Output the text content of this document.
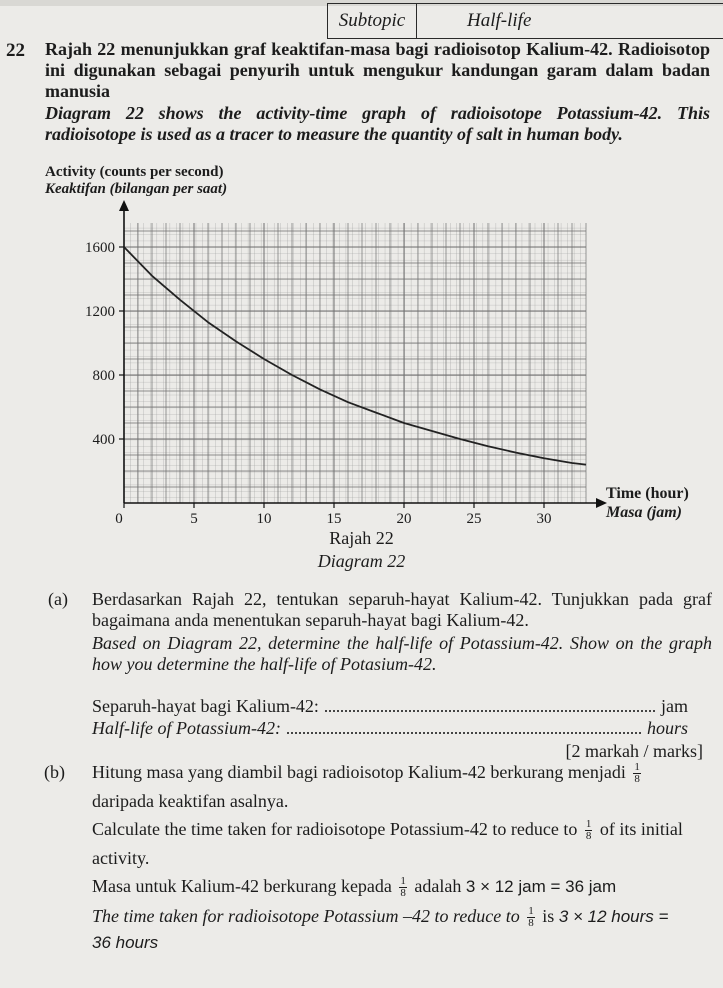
Subtopic	Half-life
22 Rajah 22 menunjukkan graf keaktifan-masa bagi radioisotop Kalium-42. Radioisotop ini digunakan sebagai penyurih untuk mengukur kandungan garam dalam badan manusia
Diagram 22 shows the activity-time graph of radioisotope Potassium-42. This radioisotope is used as a tracer to measure the quantity of salt in human body.
Activity (counts per second)
Keaktifan (bilangan per saat)
400
800
1200
1600
0	5	10	15	20	25	30
Time (hour)
Masa (jam)
Rajah 22
Diagram 22
(a) Berdasarkan Rajah 22, tentukan separuh-hayat Kalium-42. Tunjukkan pada graf bagaimana anda menentukan separuh-hayat bagi Kalium-42.
Based on Diagram 22, determine the half-life of Potassium-42. Show on the graph how you determine the half-life of Potasium-42.
Separuh-hayat bagi Kalium-42:	jam
Half-life of Potassium-42:	hours
[2 markah / marks]
(b) Hitung masa yang diambil bagi radioisotop Kalium-42 berkurang menjadi $\frac{1}{8}$
daripada keaktifan asalnya.
Calculate the time taken for radioisotope Potassium-42 to reduce to $\frac{1}{8}$ of its initial
activity.
Masa untuk Kalium-42 berkurang kepada $\frac{1}{8}$ adalah 3 × 12 jam = 36 jam
The time taken for radioisotope Potassium –42 to reduce to $\frac{1}{8}$ is 3 × 12 hours =
36 hours
